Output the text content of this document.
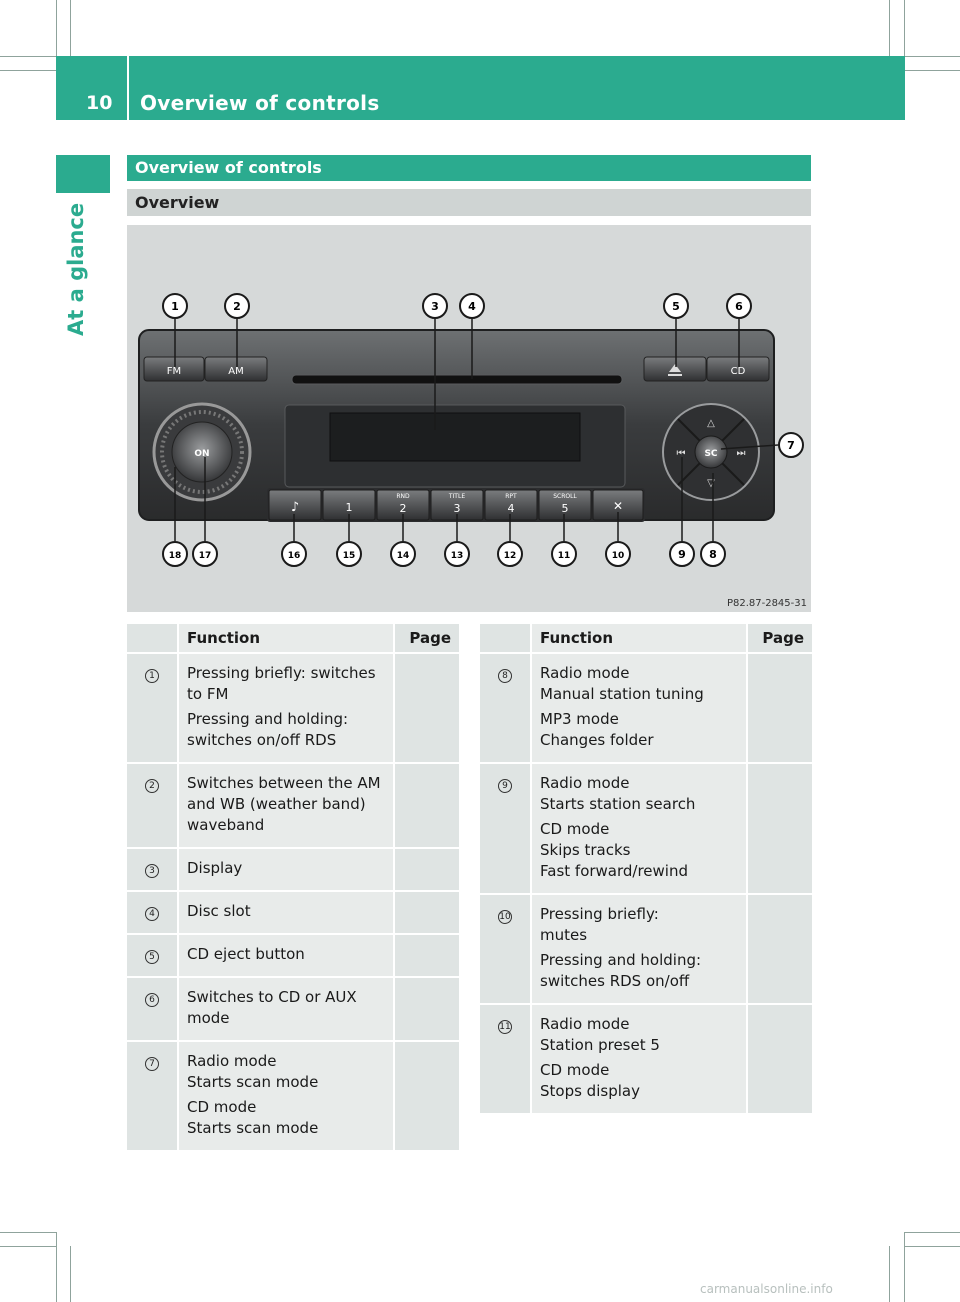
10 Overview of controls
At a glance
Overview of controls
Overview
FM	AM	CD
ON
♪	1
RND
2
TITLE
3
RPT
4
SCROLL
5	✕
SC
△
▽
⏮	⏭
1	2	3	4	5	6
7
8
9
10
11
12
13
14
15
16
17
18
P82.87-2845-31
	Function	Page
1	Pressing briefly: switches
to FM
Pressing and holding:
switches on/off RDS	

2	Switches between the AM
and WB (weather band)
waveband	

3	Display	

4	Disc slot	

5	CD eject button	

6	Switches to CD or AUX
mode	

7	Radio mode
Starts scan mode
CD mode
Starts scan mode	

	Function	Page
8	Radio mode
Manual station tuning
MP3 mode
Changes folder	

9	Radio mode
Starts station search
CD mode
Skips tracks
Fast forward/rewind	

10	Pressing briefly:
mutes
Pressing and holding:
switches RDS on/off	

11	Radio mode
Station preset 5
CD mode
Stops display	

carmanualsonline.info
